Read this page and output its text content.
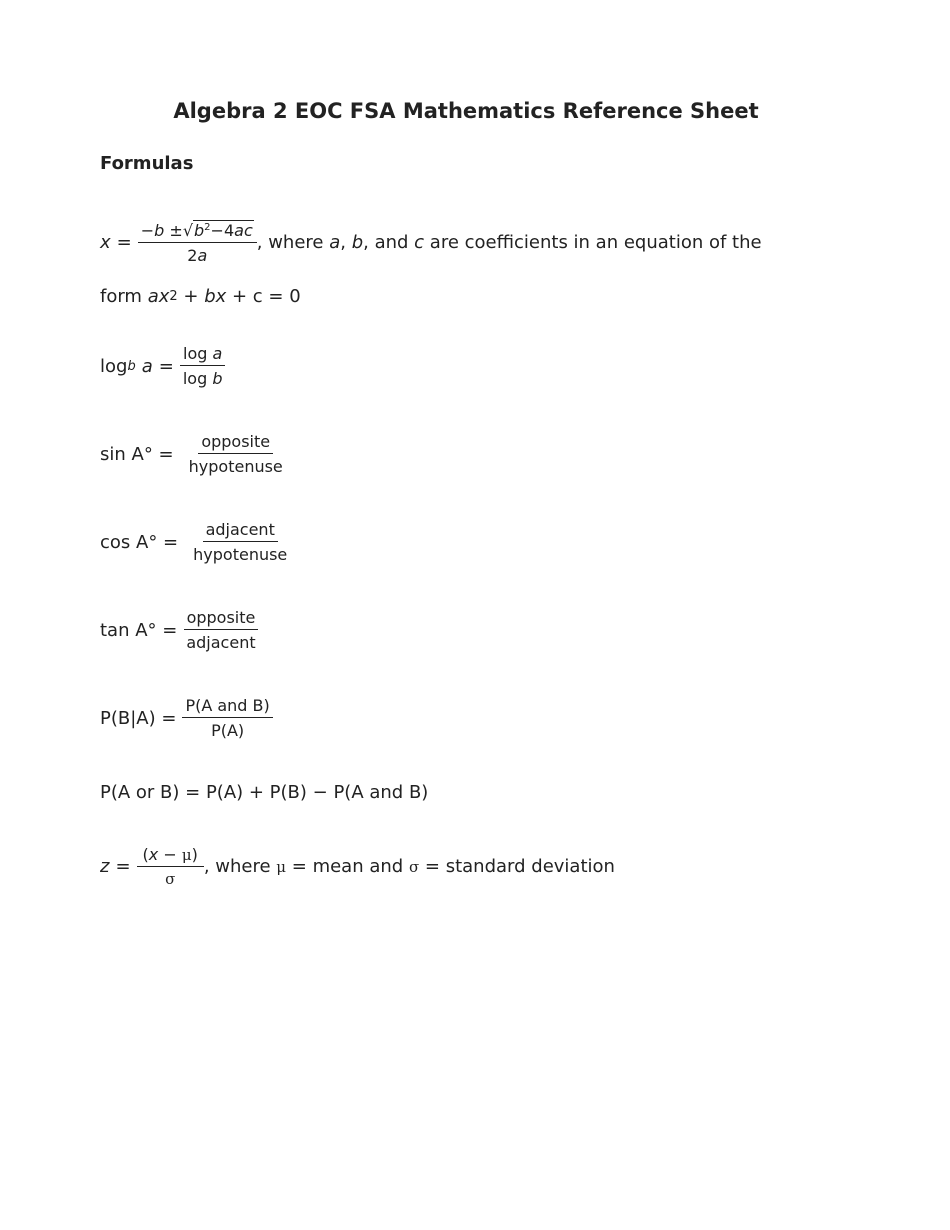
Algebra 2 EOC FSA Mathematics Reference Sheet
Formulas
$x = \frac{-b \pm √ b^2-4ac}{2a}$ , where a , b , and c are coefficients in an equation of the
form ax 2 + bx + c = 0
log b $a = \frac{\text{log a}}{\text{log b}}$
$\sin A^\circ = \frac{\text{opposite}}{\text{hypotenuse}}$
$\cos A^\circ = \frac{\text{adjacent}}{\text{hypotenuse}}$
$\tan A^\circ = \frac{\text{opposite}}{\text{adjacent}}$
$P(B|A) = \frac{\text{P(A and B)}}{P(A)}$
P(A or B) = P(A) + P(B) − P(A and B)
$z = \frac{(x - \mu)}{\sigma}$ , where μ = mean and σ = standard deviation
